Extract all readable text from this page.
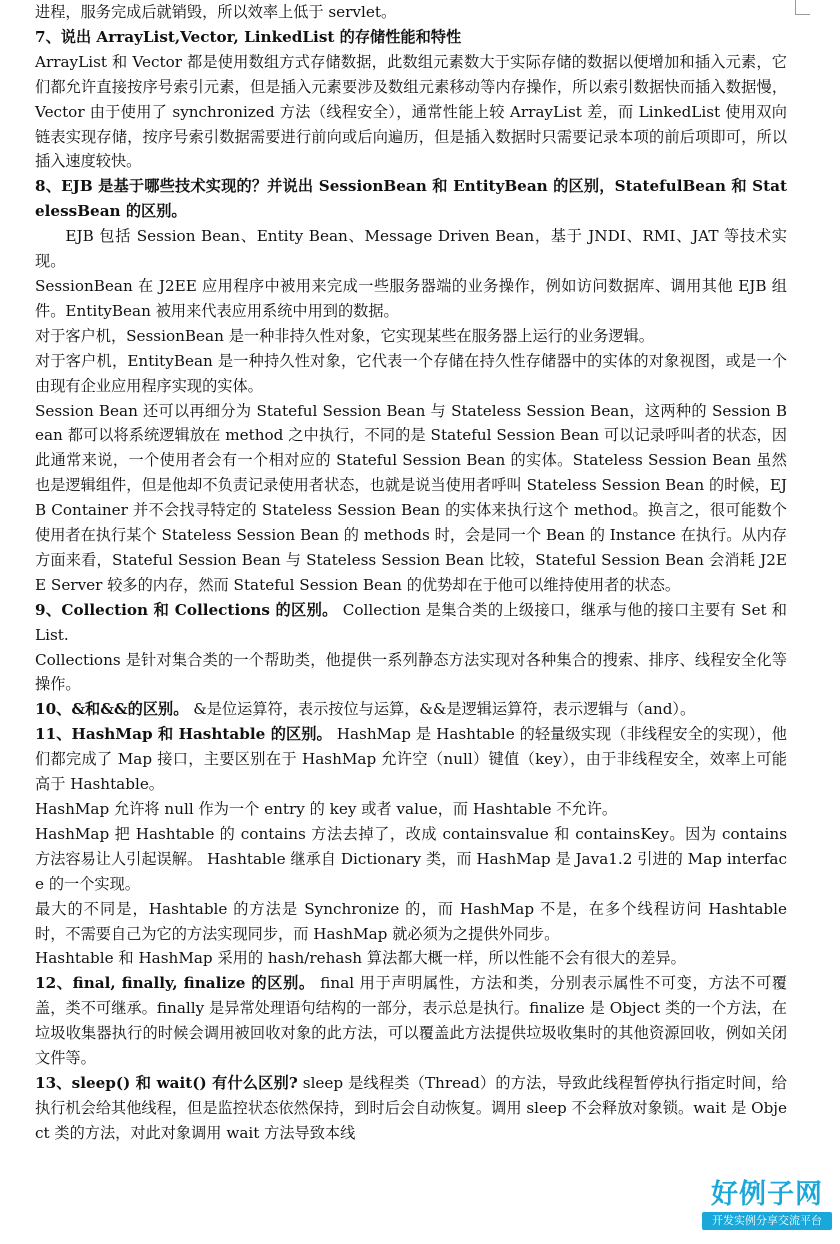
进程，服务完成后就销毁，所以效率上低于 servlet。

7、说出 ArrayList,Vector, LinkedList 的存储性能和特性

ArrayList 和 Vector 都是使用数组方式存储数据，此数组元素数大于实际存储的数据以便增加和插入元素，它们都允许直接按序号索引元素，但是插入元素要涉及数组元素移动等内存操作，所以索引数据快而插入数据慢，Vector 由于使用了 synchronized 方法（线程安全），通常性能上较 ArrayList 差，而 LinkedList 使用双向链表实现存储，按序号索引数据需要进行前向或后向遍历，但是插入数据时只需要记录本项的前后项即可，所以插入速度较快。

8、EJB 是基于哪些技术实现的？并说出 SessionBean 和 EntityBean 的区别，StatefulBean 和 StatelessBean 的区别。

EJB 包括 Session Bean、Entity Bean、Message Driven Bean，基于 JNDI、RMI、JAT 等技术实现。

SessionBean 在 J2EE 应用程序中被用来完成一些服务器端的业务操作，例如访问数据库、调用其他 EJB 组件。EntityBean 被用来代表应用系统中用到的数据。

对于客户机，SessionBean 是一种非持久性对象，它实现某些在服务器上运行的业务逻辑。

对于客户机，EntityBean 是一种持久性对象，它代表一个存储在持久性存储器中的实体的对象视图，或是一个由现有企业应用程序实现的实体。

Session Bean 还可以再细分为 Stateful Session Bean 与 Stateless Session Bean，这两种的 Session Bean 都可以将系统逻辑放在 method 之中执行，不同的是 Stateful Session Bean 可以记录呼叫者的状态，因此通常来说，一个使用者会有一个相对应的 Stateful Session Bean 的实体。Stateless Session Bean 虽然也是逻辑组件，但是他却不负责记录使用者状态，也就是说当使用者呼叫 Stateless Session Bean 的时候，EJB Container 并不会找寻特定的 Stateless Session Bean 的实体来执行这个 method。换言之，很可能数个使用者在执行某个 Stateless Session Bean 的 methods 时，会是同一个 Bean 的 Instance 在执行。从内存方面来看，Stateful Session Bean 与 Stateless Session Bean 比较，Stateful Session Bean 会消耗 J2EE Server 较多的内存，然而 Stateful Session Bean 的优势却在于他可以维持使用者的状态。

9、Collection 和 Collections 的区别。 Collection 是集合类的上级接口，继承与他的接口主要有 Set 和 List.

Collections 是针对集合类的一个帮助类，他提供一系列静态方法实现对各种集合的搜索、排序、线程安全化等操作。

10、&和&&的区别。 &是位运算符，表示按位与运算，&&是逻辑运算符，表示逻辑与（and）。

11、HashMap 和 Hashtable 的区别。 HashMap 是 Hashtable 的轻量级实现（非线程安全的实现），他们都完成了 Map 接口，主要区别在于 HashMap 允许空（null）键值（key），由于非线程安全，效率上可能高于 Hashtable。

HashMap 允许将 null 作为一个 entry 的 key 或者 value，而 Hashtable 不允许。

HashMap 把 Hashtable 的 contains 方法去掉了，改成 containsvalue 和 containsKey。因为 contains 方法容易让人引起误解。 Hashtable 继承自 Dictionary 类，而 HashMap 是 Java1.2 引进的 Map interface 的一个实现。

最大的不同是，Hashtable 的方法是 Synchronize 的，而 HashMap 不是，在多个线程访问 Hashtable 时，不需要自己为它的方法实现同步，而 HashMap 就必须为之提供外同步。

Hashtable 和 HashMap 采用的 hash/rehash 算法都大概一样，所以性能不会有很大的差异。

12、final, finally, finalize 的区别。 final 用于声明属性，方法和类，分别表示属性不可变，方法不可覆盖，类不可继承。finally 是异常处理语句结构的一部分，表示总是执行。finalize 是 Object 类的一个方法，在垃圾收集器执行的时候会调用被回收对象的此方法，可以覆盖此方法提供垃圾收集时的其他资源回收，例如关闭文件等。

13、sleep() 和 wait() 有什么区别? sleep 是线程类（Thread）的方法，导致此线程暂停执行指定时间，给执行机会给其他线程，但是监控状态依然保持，到时后会自动恢复。调用 sleep 不会释放对象锁。wait 是 Object 类的方法，对此对象调用 wait 方法导致本线

好例子网
开发实例分享交流平台
